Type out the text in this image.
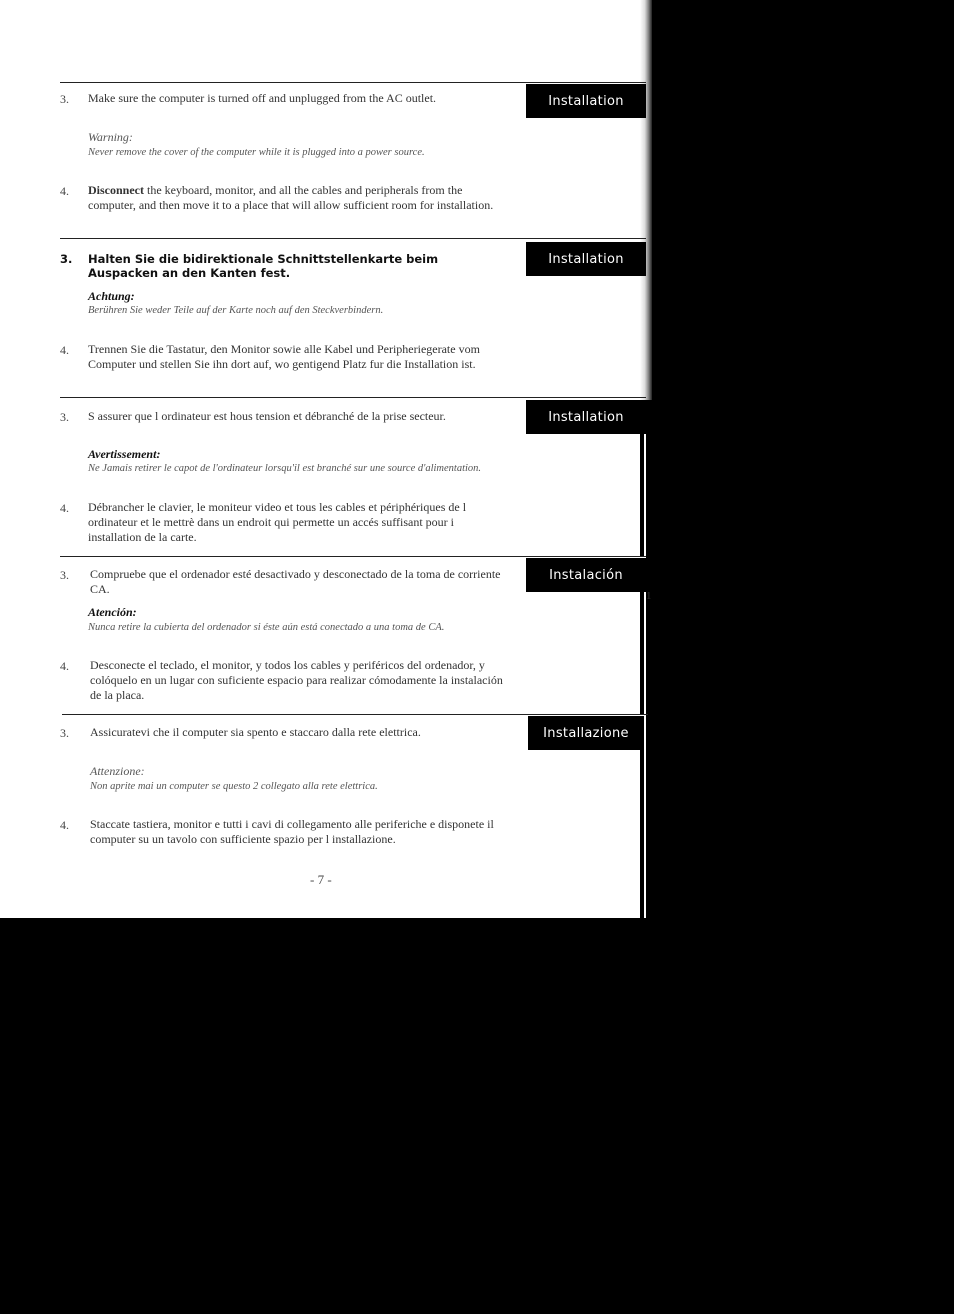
Installation
3. Make sure the computer is turned off and unplugged from the AC outlet.
Warning:
Never remove the cover of the computer while it is plugged into a power source.
4. Disconnect the keyboard, monitor, and all the cables and peripherals from the computer, and then move it to a place that will allow sufficient room for installation.
Installation
3. Halten Sie die bidirektionale Schnittstellenkarte beim Auspacken an den Kanten fest.
Achtung:
Berühren Sie weder Teile auf der Karte noch auf den Steckverbindern.
4. Trennen Sie die Tastatur, den Monitor sowie alle Kabel und Peripheriegerate vom Computer und stellen Sie ihn dort auf, wo gentigend Platz fur die Installation ist.
Installation
3. S assurer que l ordinateur est hous tension et débranché de la prise secteur.
Avertissement:
Ne Jamais retirer le capot de l'ordinateur lorsqu'il est branché sur une source d'alimentation.
4. Débrancher le clavier, le moniteur video et tous les cables et périphériques de l ordinateur et le mettrè dans un endroit qui permette un accés suffisant pour i installation de la carte.
Instalación
1
3. Compruebe que el ordenador esté desactivado y desconectado de la toma de corriente CA.
Atención:
Nunca retire la cubierta del ordenador si éste aún está conectado a una toma de CA.
4. Desconecte el teclado, el monitor, y todos los cables y periféricos del ordenador, y colóquelo en un lugar con suficiente espacio para realizar cómodamente la instalación de la placa.
Installazione
3. Assicuratevi che il computer sia spento e staccaro dalla rete elettrica.
Attenzione:
Non aprite mai un computer se questo 2 collegato alla rete elettrica.
4. Staccate tastiera, monitor e tutti i cavi di collegamento alle periferiche e disponete il computer su un tavolo con sufficiente spazio per l installazione.
- 7 -
